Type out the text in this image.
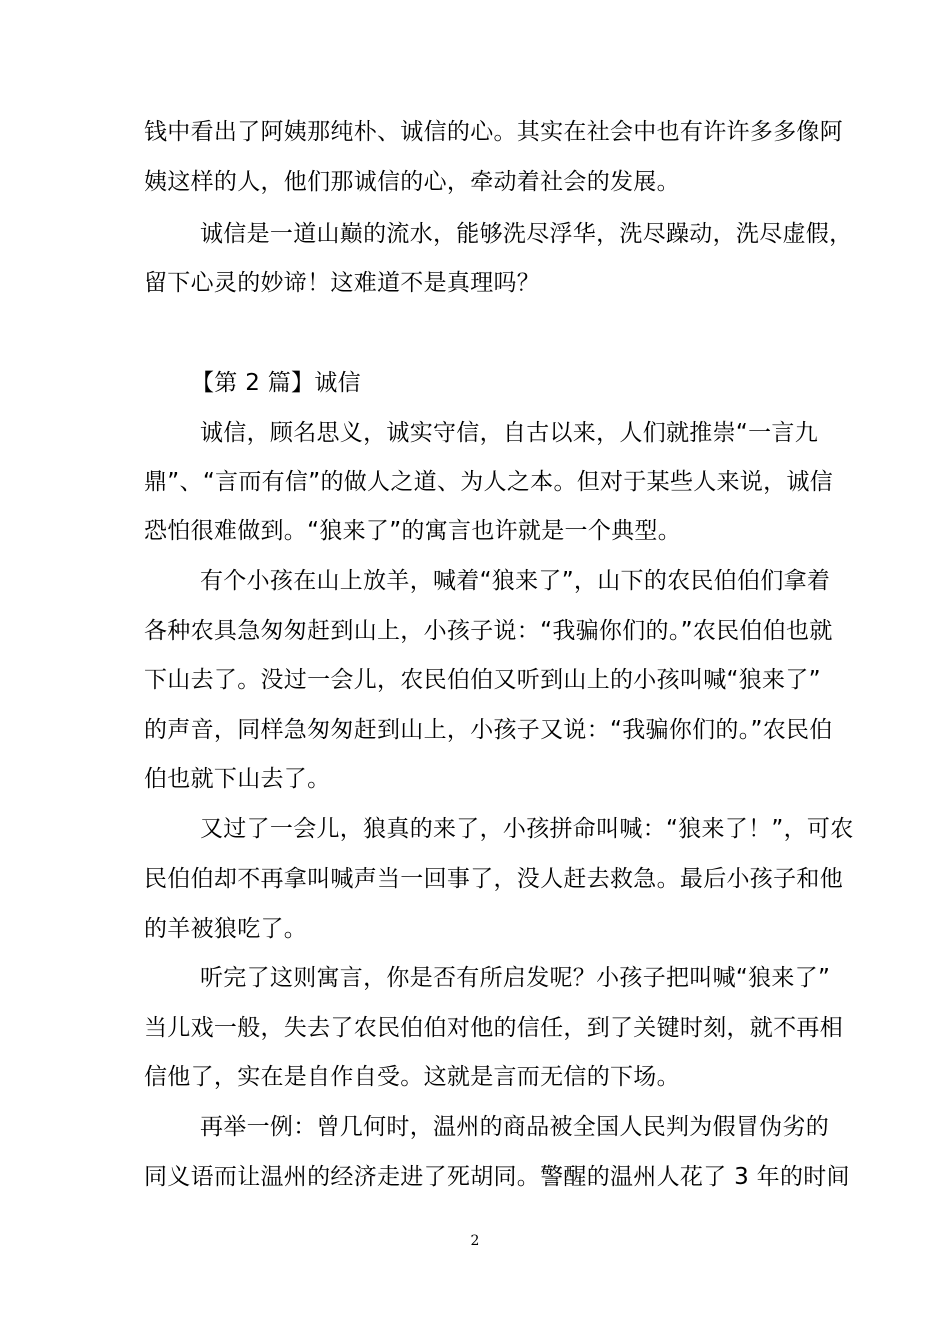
钱中看出了阿姨那纯朴、诚信的心。其实在社会中也有许许多多像阿
姨这样的人，他们那诚信的心，牵动着社会的发展。
诚信是一道山巅的流水，能够洗尽浮华，洗尽躁动，洗尽虚假，
留下心灵的妙谛！这难道不是真理吗？
【第 2 篇】诚信
诚信，顾名思义，诚实守信，自古以来，人们就推崇“一言九
鼎”、“言而有信”的做人之道、为人之本。但对于某些人来说，诚信
恐怕很难做到。“狼来了”的寓言也许就是一个典型。
有个小孩在山上放羊，喊着“狼来了”，山下的农民伯伯们拿着
各种农具急匆匆赶到山上，小孩子说：“我骗你们的。”农民伯伯也就
下山去了。没过一会儿，农民伯伯又听到山上的小孩叫喊“狼来了”
的声音，同样急匆匆赶到山上，小孩子又说：“我骗你们的。”农民伯
伯也就下山去了。
又过了一会儿，狼真的来了，小孩拼命叫喊：“狼来了！”，可农
民伯伯却不再拿叫喊声当一回事了，没人赶去救急。最后小孩子和他
的羊被狼吃了。
听完了这则寓言，你是否有所启发呢？小孩子把叫喊“狼来了”
当儿戏一般，失去了农民伯伯对他的信任，到了关键时刻，就不再相
信他了，实在是自作自受。这就是言而无信的下场。
再举一例：曾几何时，温州的商品被全国人民判为假冒伪劣的
同义语而让温州的经济走进了死胡同。警醒的温州人花了 3 年的时间
2
